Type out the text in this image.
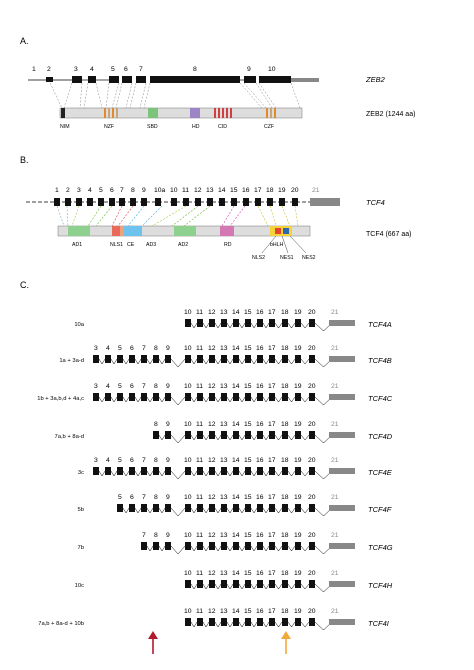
A.
1 2	3 4	5 6 7	8	9	10
ZEB2
ZEB2 (1244 aa)
NIM	NZF	SBD	HD	CID	CZF
B.
1 2 3 4 5 6 7 8 9 10a 10 11 12 13 14 15 16 17 18 19 20 21
TCF4
TCF4 (667 aa)
AD1	NLS1 CE AD3	AD2	RD	bHLH
NLS2	NES1 NES2
C.
10a	TCF4A
10 11 12 13 14 15 16 17 18 19 20 21
1a + 3a-d	TCF4B
3 4 5 6 7 8 9 10 11 12 13 14 15 16 17 18 19 20 21
1b + 3a,b,d + 4a,c	TCF4C
3 4 5 6 7 8 9 10 11 12 13 14 15 16 17 18 19 20 21
7a,b + 8a-d	TCF4D
8 9 10 11 12 13 14 15 16 17 18 19 20 21
3c	TCF4E
3 4 5 6 7 8 9 10 11 12 13 14 15 16 17 18 19 20 21
5b	TCF4F
5 6 7 8 9 10 11 12 13 14 15 16 17 18 19 20 21
7b	TCF4G
7 8 9 10 11 12 13 14 15 16 17 18 19 20 21
10c	TCF4H
10 11 12 13 14 15 16 17 18 19 20 21
7a,b + 8a-d + 10b	TCF4I
10 11 12 13 14 15 16 17 18 19 20 21
